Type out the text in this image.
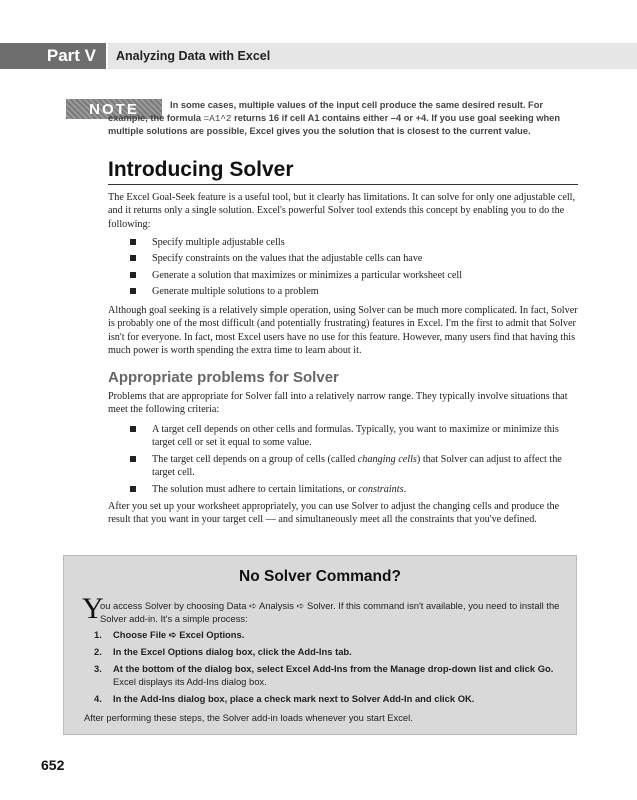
Part V	Analyzing Data with Excel
NOTE	In some cases, multiple values of the input cell produce the same desired result. For example, the formula =A1^2 returns 16 if cell A1 contains either –4 or +4. If you use goal seeking when multiple solutions are possible, Excel gives you the solution that is closest to the current value.
Introducing Solver
The Excel Goal-Seek feature is a useful tool, but it clearly has limitations. It can solve for only one adjustable cell, and it returns only a single solution. Excel's powerful Solver tool extends this concept by enabling you to do the following:
Specify multiple adjustable cells
Specify constraints on the values that the adjustable cells can have
Generate a solution that maximizes or minimizes a particular worksheet cell
Generate multiple solutions to a problem
Although goal seeking is a relatively simple operation, using Solver can be much more complicated. In fact, Solver is probably one of the most difficult (and potentially frustrating) features in Excel. I'm the first to admit that Solver isn't for everyone. In fact, most Excel users have no use for this feature. However, many users find that having this much power is worth spending the extra time to learn about it.
Appropriate problems for Solver
Problems that are appropriate for Solver fall into a relatively narrow range. They typically involve situations that meet the following criteria:
A target cell depends on other cells and formulas. Typically, you want to maximize or minimize this target cell or set it equal to some value.
The target cell depends on a group of cells (called changing cells) that Solver can adjust to affect the target cell.
The solution must adhere to certain limitations, or constraints.
After you set up your worksheet appropriately, you can use Solver to adjust the changing cells and produce the result that you want in your target cell — and simultaneously meet all the constraints that you've defined.
No Solver Command?
Y
ou access Solver by choosing Data ➪ Analysis ➪ Solver. If this command isn't available, you need to install the Solver add-in. It's a simple process:
1. Choose File ➪ Excel Options.
2. In the Excel Options dialog box, click the Add-Ins tab.
3. At the bottom of the dialog box, select Excel Add-Ins from the Manage drop-down list and click Go. Excel displays its Add-Ins dialog box.
4. In the Add-Ins dialog box, place a check mark next to Solver Add-In and click OK.
After performing these steps, the Solver add-in loads whenever you start Excel.
652
